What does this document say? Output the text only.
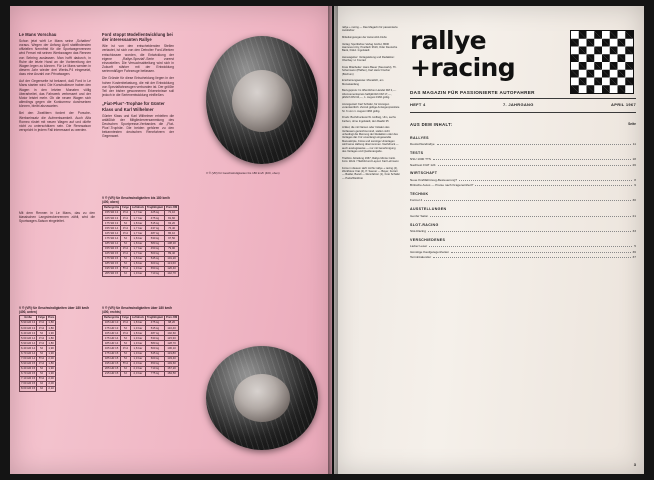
Le Mans Vorschau

Schon jetzt wirft Le Mans seine „Schatten“ voraus. Wegen der Anfang April stattfindenden offiziellen Nennfrist für die Sportwagenrennen wird Ferrari mit seinen Werkswagen das Rennen von Sebring auslassen. Man hofft dadurch, in Ruhe die letzte Hand an die Vorbereitung der Wagen legen zu können. Für Le Mans werden in diesem Jahr wieder drei Werks-P4 eingesetzt, dazu eine Anzahl von Privatwagen.

Auf der Gegenseite ist bekannt, daß Ford in Le Mans starten wird. Die Konstrukteure haben den Wagen in den letzten Monaten völlig überarbeitet, das Fahrwerk verbessert und der Motor leistet mehr. Ob die neuen Wagen sich allerdings gegen die Konkurrenz durchsetzen können, bleibt abzuwarten.

Bei den Zweilitern fordert der Porsche-Werkseinsatz die Aufmerksamkeit. Auch Alfa Romeo rüstet mit neuen Wagen auf und dürfte nicht zu unterschätzen sein. Die Rennsaison verspricht in jedem Fall interessant zu werden.

Mit dem Rennen in Le Mans, das zu den klassischen Langstreckenrennen zählt, wird die Sportwagen-Saison eingeleitet.

V ® (VR) für Geschwindigkeiten über 180 km/h (400, unten)
Größe	Felge	Preis
5.90 HR 13	4½J	1,80
6.00 HR 13	4½J	1,80
6.40 HR 13	5J	1,90
5.60 HR 14	4½J	1,80
5.90 HR 14	4½J	1,80
6.40 HR 14	5J	1,90
6.70 HR 14	5J	1,90
7.00 HR 14	5½J	2,00
5.90 HR 15	4½J	1,80
6.40 HR 15	5J	1,90
6.70 HR 15	5J	1,90
7.10 HR 15	5½J	2,00
7.60 HR 15	6J	2,00
8.00 HR 15	6J	2,10
Ford stoppt Modellentwicklung bei der interessanten Rallye

Wie ist von den entscheidenden Stellen verlautet, ist sich von den Detroiter Ford-Werken entschlossen worden, die Entwicklung der eigene „Rallye-Spezial“-Serie vorerst einzustellen. Die Versuchsabteilung wird sich in Zukunft stärker mit der Entwicklung serienmäßiger Fahrzeuge befassen.

Die Gründe für diese Entscheidung liegen in der hohen Kostenbelastung, die mit der Entwicklung von Spezialfahrzeugen verbunden ist. Der größte Teil der bisher gewonnenen Erkenntnisse soll jedoch in die Serienentwicklung einfließen.

„Fiat-Plus“-Trophäe für Günter Klass und Karl Wilhelmer

Günter Klass und Karl Wilhelmer erhielten die anläßlich der Mitgliederversammlung des Deutschen Sportpresse-Verbandes die „Fiat-Plus“-Trophäe. Die beiden gehören zu den bekanntesten deutschen Rennfahrern der Gegenwart.

V ® (VR) für Geschwindigkeiten bis 180 km/h (400, oben)
Reifengröße	Felge	Luftdruck	Tragfähigkeit	Preis DM
155 SR 13	4½J	1,7 bar	425 kg	72,10
165 SR 13	4½J	1,7 bar	475 kg	81,60
175 SR 13	5J	1,8 bar	515 kg	93,20
155 SR 14	4½J	1,7 bar	437 kg	76,40
165 SR 14	4½J	1,7 bar	487 kg	86,10
175 SR 14	5J	1,8 bar	530 kg	97,50
185 SR 14	5J	1,8 bar	580 kg	108,30
155 SR 15	4½J	1,7 bar	450 kg	79,90
165 SR 15	4½J	1,7 bar	500 kg	89,40
175 SR 15	5J	1,8 bar	545 kg	101,20
185 SR 15	5J	1,8 bar	600 kg	113,60
195 SR 15	5½J	1,9 bar	650 kg	126,40
205 SR 15	6J	1,9 bar	710 kg	142,70
V ® (VR) für Geschwindigkeiten über 180 km/h (400, rechts)
Reifengröße	Felge	Luftdruck	Tragfähigkeit	Preis DM
165 HR 13	4½J	1,8 bar	475 kg	98,20
175 HR 13	5J	1,9 bar	515 kg	110,40
165 HR 14	4½J	1,8 bar	487 kg	102,60
175 HR 14	5J	1,9 bar	530 kg	115,30
185 HR 14	5J	1,9 bar	580 kg	128,70
165 HR 15	4½J	1,8 bar	500 kg	106,10
175 HR 15	5J	1,9 bar	545 kg	119,80
185 HR 15	5J	1,9 bar	600 kg	133,40
195 HR 15	5½J	2,0 bar	650 kg	149,60
205 HR 15	6J	2,0 bar	710 kg	167,20
215 HR 15	6J	2,0 bar	775 kg	184,50
V ® (VR) für Geschwindigkeiten bis 180 km/h (400, oben)

rallye + racing — Das Magazin für passionierte Autofahrer

Mitteilungsorgan der Automobil-Clubs

Verlag: Sportfahrer-Verlag GmbH, 8000 Hannover-City, Postfach 3619, Oder Deutsche Bank, Fiduz. Ingolstadt

Herausgeber: Verlagsleitung und Redaktion: Oberbay. H. Konrad

Freie Mitarbeiter: Hans Bauer (Neumarkt), Th. Schermann (Pfaffen), Karl Heinz Fischer (Bochum)

Erscheinungsweise: Monatlich, am Monatsanfang

Bezugspreis: Im öffentlichen Handel DM 3,—. Abonnementspreis halbjährlich DM 17,—, jährlich DM 34,—, 1. August 1966 gültig.

Anzeigenteil: Karl Schäfer, für Anzeigen verantwortlich. Zurzeit gültige Anzeigenpreisliste Nr. 6 vom 1. August 1966 gültig.

Druck: Buchdruckerei W. Hoffarg, Ulm, sechs Farben, ohne Ingolstadt, den Raabit 35

Artikel, die mit Namen oder Initialen des Verfassers gezeichnet sind, stellen nicht unbedingt die Meinung der Redaktion oder des Verlages dar. Für unverlangt eingesandte Manuskripte, Fotos und sonstige Unterlagen wird keine Haftung übernommen. Nachdruck — auch auszugsweise — nur mit Genehmigung des Verlages und Quellenangabe.

Titelfoto: Abteilung 1967, Rallye Monte Carlo. Foto: Werk / Titelbild und Layout: Karl Lehmann

Fotos in diesem Heft: Archiv rallye + racing (4), Werkfotos: Fiat (4), P. Sauner — Bayer, Ferrari — Balder, Bandi — Rennfahrer (1), Foto Schäfer — Paris/Werkfoto

rallye
+racing
DAS MAGAZIN FÜR PASSIONIERTE AUTOFAHRER
HEFT 4	7. JAHRGANG	APRIL 1967
AUS DEM INHALT:	Seite
RALLYES
Deutschlandrallye	11
TESTS
NSU 1000 TTS	18
Nachtest FIAT 124	26
WIRTSCHAFT
Neue Kraftfahrzeug-Besteuerung?	8
Britische Autos — Preise nach Krageneinheit?	9
TECHNIK
Formel 4	30
AUSSTELLUNGEN
Genfer Salon	21
SLOT-RACING
Slot-Racing	33
VERSCHIEDENES
Lieber Leser	5
Günstige Kaufgelegenheiten	36
Terminkalender	37
3
